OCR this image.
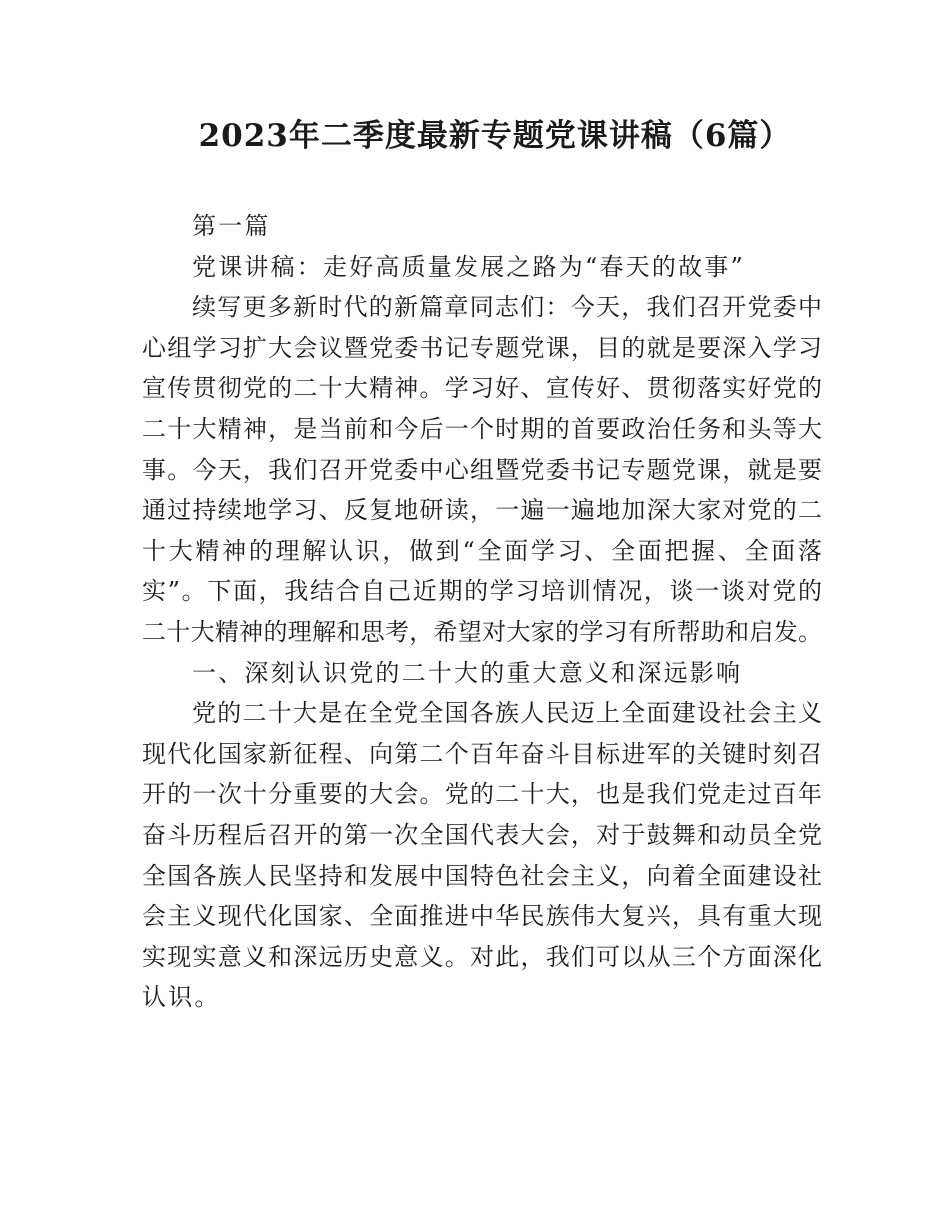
2023年二季度最新专题党课讲稿（6篇）
第一篇
党课讲稿：走好高质量发展之路为“春天的故事”
续写更多新时代的新篇章同志们：今天，我们召开党委中
心组学习扩大会议暨党委书记专题党课，目的就是要深入学习
宣传贯彻党的二十大精神。学习好、宣传好、贯彻落实好党的
二十大精神，是当前和今后一个时期的首要政治任务和头等大
事。今天，我们召开党委中心组暨党委书记专题党课，就是要
通过持续地学习、反复地研读，一遍一遍地加深大家对党的二
十大精神的理解认识，做到“全面学习、全面把握、全面落
实”。下面，我结合自己近期的学习培训情况，谈一谈对党的
二十大精神的理解和思考，希望对大家的学习有所帮助和启发。
一、深刻认识党的二十大的重大意义和深远影响
党的二十大是在全党全国各族人民迈上全面建设社会主义
现代化国家新征程、向第二个百年奋斗目标进军的关键时刻召
开的一次十分重要的大会。党的二十大，也是我们党走过百年
奋斗历程后召开的第一次全国代表大会，对于鼓舞和动员全党
全国各族人民坚持和发展中国特色社会主义，向着全面建设社
会主义现代化国家、全面推进中华民族伟大复兴，具有重大现
实现实意义和深远历史意义。对此，我们可以从三个方面深化
认识。
